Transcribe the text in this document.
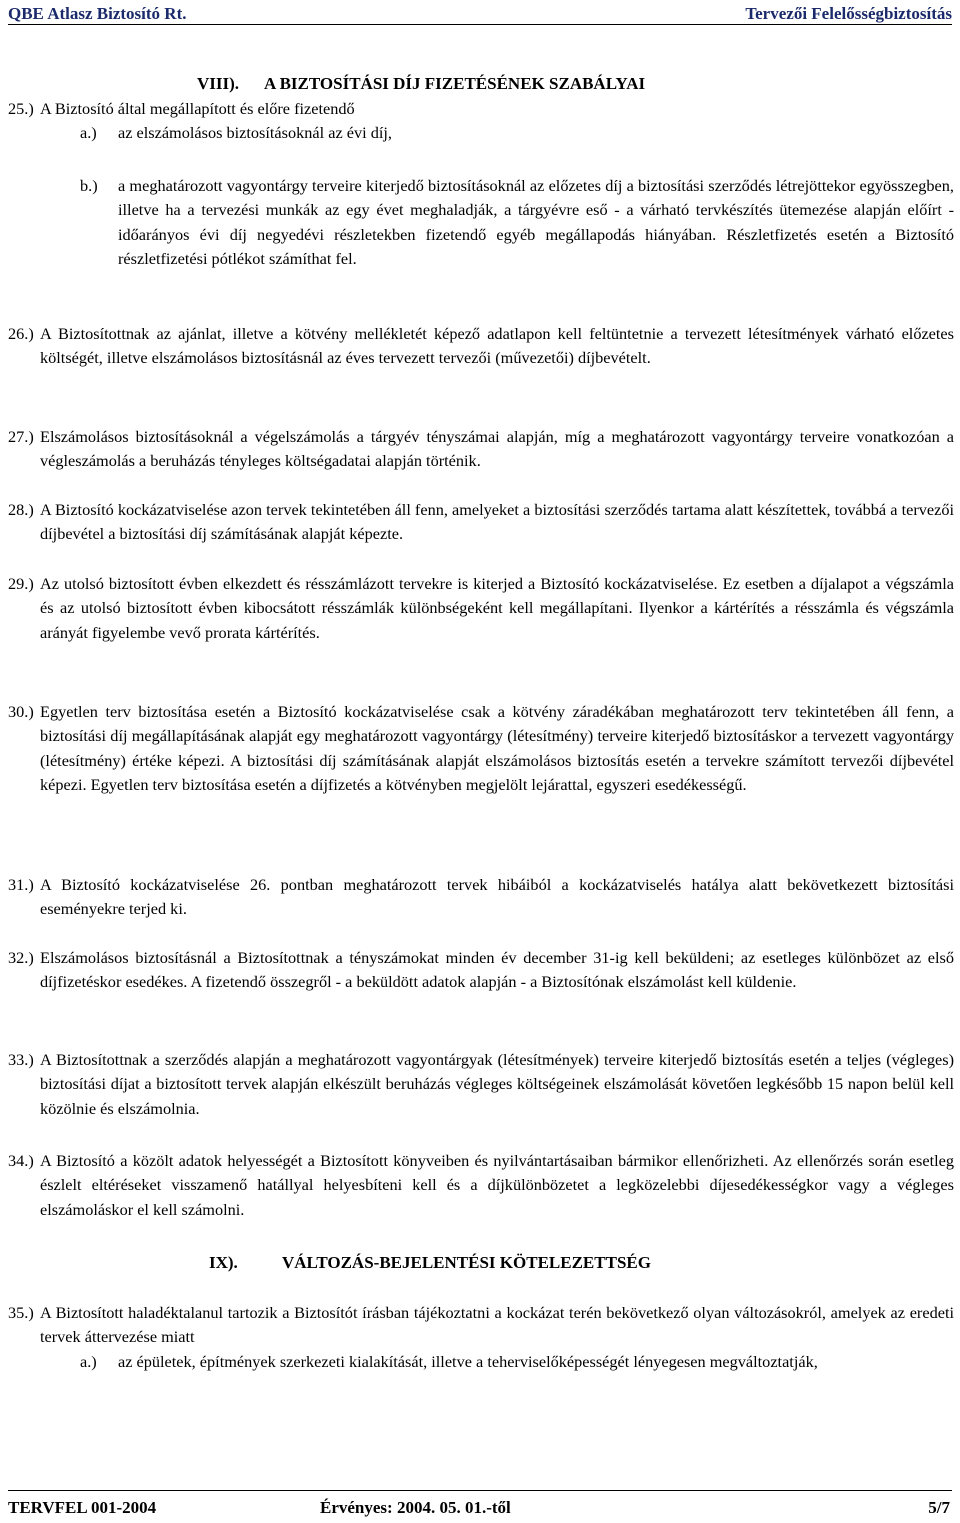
QBE Atlasz Biztosító Rt.	Tervezői Felelősségbiztosítás
VIII). A BIZTOSÍTÁSI DÍJ FIZETÉSÉNEK SZABÁLYAI
25.) A Biztosító által megállapított és előre fizetendő
a.) az elszámolásos biztosításoknál az évi díj,
b.) a meghatározott vagyontárgy terveire kiterjedő biztosításoknál az előzetes díj a biztosítási szerződés létrejöttekor egyösszegben, illetve ha a tervezési munkák az egy évet meghaladják, a tárgyévre eső - a várható tervkészítés ütemezése alapján előírt - időarányos évi díj negyedévi részletekben fizetendő egyéb megállapodás hiányában. Részletfizetés esetén a Biztosító részletfizetési pótlékot számíthat fel.
26.) A Biztosítottnak az ajánlat, illetve a kötvény mellékletét képező adatlapon kell feltüntetnie a tervezett létesítmények várható előzetes költségét, illetve elszámolásos biztosításnál az éves tervezett tervezői (művezetői) díjbevételt.
27.) Elszámolásos biztosításoknál a végelszámolás a tárgyév tényszámai alapján, míg a meghatározott vagyontárgy terveire vonatkozóan a végleszámolás a beruházás tényleges költségadatai alapján történik.
28.) A Biztosító kockázatviselése azon tervek tekintetében áll fenn, amelyeket a biztosítási szerződés tartama alatt készítettek, továbbá a tervezői díjbevétel a biztosítási díj számításának alapját képezte.
29.) Az utolsó biztosított évben elkezdett és résszámlázott tervekre is kiterjed a Biztosító kockázatviselése. Ez esetben a díjalapot a végszámla és az utolsó biztosított évben kibocsátott résszámlák különbségeként kell megállapítani. Ilyenkor a kártérítés a résszámla és végszámla arányát figyelembe vevő prorata kártérítés.
30.) Egyetlen terv biztosítása esetén a Biztosító kockázatviselése csak a kötvény záradékában meghatározott terv tekintetében áll fenn, a biztosítási díj megállapításának alapját egy meghatározott vagyontárgy (létesítmény) terveire kiterjedő biztosításkor a tervezett vagyontárgy (létesítmény) értéke képezi. A biztosítási díj számításának alapját elszámolásos biztosítás esetén a tervekre számított tervezői díjbevétel képezi. Egyetlen terv biztosítása esetén a díjfizetés a kötvényben megjelölt lejárattal, egyszeri esedékességű.
31.) A Biztosító kockázatviselése 26. pontban meghatározott tervek hibáiból a kockázatviselés hatálya alatt bekövetkezett biztosítási eseményekre terjed ki.
32.) Elszámolásos biztosításnál a Biztosítottnak a tényszámokat minden év december 31-ig kell beküldeni; az esetleges különbözet az első díjfizetéskor esedékes. A fizetendő összegről - a beküldött adatok alapján - a Biztosítónak elszámolást kell küldenie.
33.) A Biztosítottnak a szerződés alapján a meghatározott vagyontárgyak (létesítmények) terveire kiterjedő biztosítás esetén a teljes (végleges) biztosítási díjat a biztosított tervek alapján elkészült beruházás végleges költségeinek elszámolását követően legkésőbb 15 napon belül kell közölnie és elszámolnia.
34.) A Biztosító a közölt adatok helyességét a Biztosított könyveiben és nyilvántartásaiban bármikor ellenőrizheti. Az ellenőrzés során esetleg észlelt eltéréseket visszamenő hatállyal helyesbíteni kell és a díjkülönbözetet a legközelebbi díjesedékességkor vagy a végleges elszámoláskor el kell számolni.
IX).	VÁLTOZÁS-BEJELENTÉSI KÖTELEZETTSÉG
35.) A Biztosított haladéktalanul tartozik a Biztosítót írásban tájékoztatni a kockázat terén bekövetkező olyan változásokról, amelyek az eredeti tervek áttervezése miatt
a.) az épületek, építmények szerkezeti kialakítását, illetve a teherviselőképességét lényegesen megváltoztatják,
TERVFEL 001-2004	Érvényes: 2004. 05. 01.-től	5/7
